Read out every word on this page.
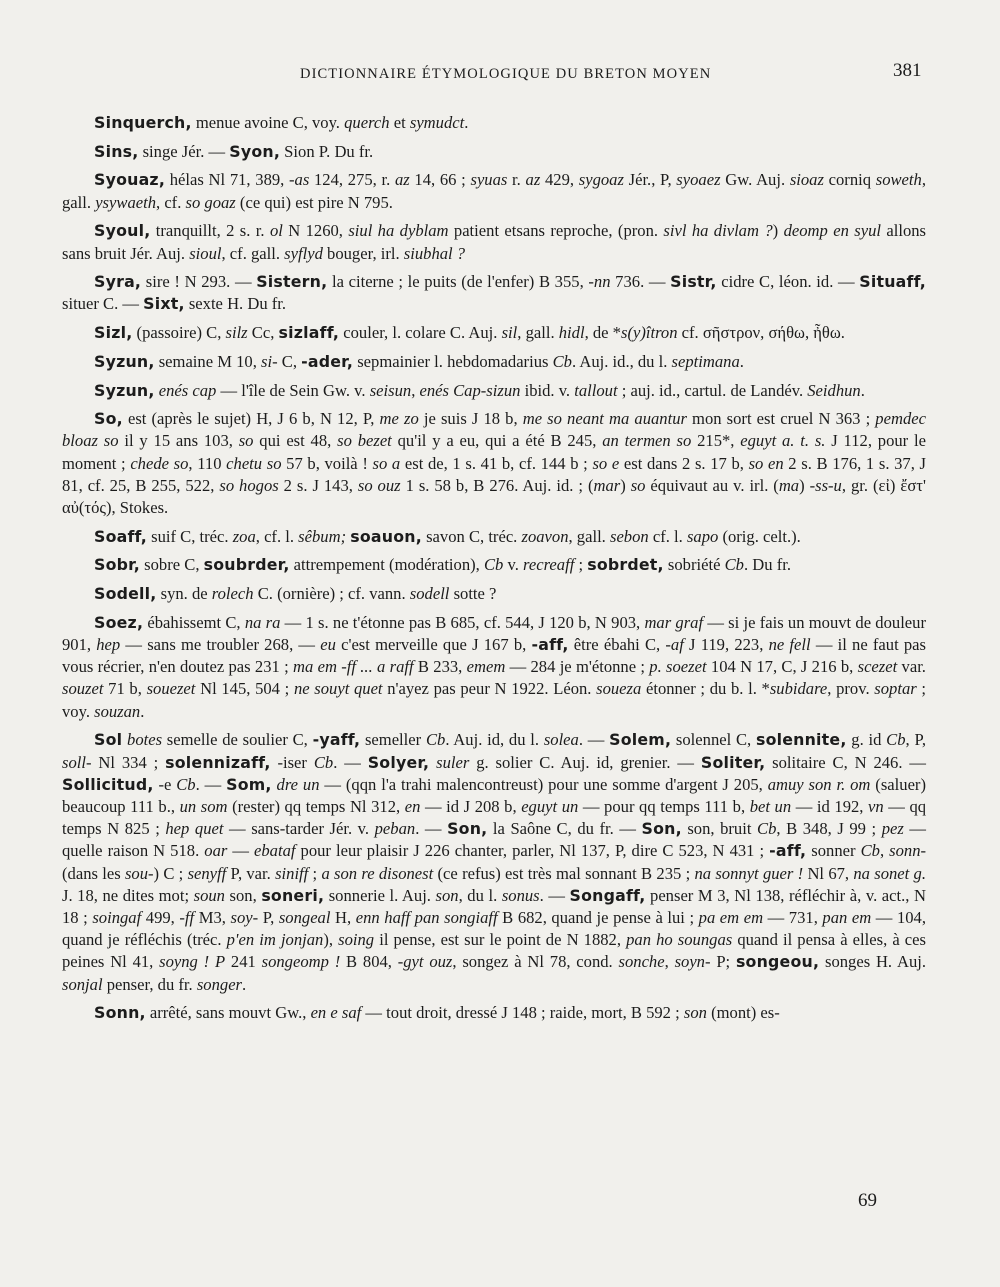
DICTIONNAIRE ÉTYMOLOGIQUE DU BRETON MOYEN	381

Sinquerch, menue avoine C, voy. querch et symudct.

Sins, singe Jér. — Syon, Sion P. Du fr.

Syouaz, hélas Nl 71, 389, -as 124, 275, r. az 14, 66 ; syuas r. az 429, sygoaz Jér., P, syoaez Gw. Auj. sioaz corniq soweth, gall. ysywaeth, cf. so goaz (ce qui) est pire N 795.

Syoul, tranquillt, 2 s. r. ol N 1260, siul ha dyblam patient etsans reproche, (pron. sivl ha divlam ?) deomp en syul allons sans bruit Jér. Auj. sioul, cf. gall. syflyd bouger, irl. siubhal ?

Syra, sire ! N 293. — Sistern, la citerne ; le puits (de l'enfer) B 355, -nn 736. — Sistr, cidre C, léon. id. — Situaff, situer C. — Sixt, sexte H. Du fr.

Sizl, (passoire) C, silz Cc, sizlaff, couler, l. colare C. Auj. sil, gall. hidl, de *s(y)îtron cf. σῆστρον, σήθω, ἦθω.

Syzun, semaine M 10, si- C, -ader, sepmainier l. hebdomadarius Cb. Auj. id., du l. septimana.

Syzun, enés cap — l'île de Sein Gw. v. seisun, enés Cap-sizun ibid. v. tallout ; auj. id., cartul. de Landév. Seidhun.

So, est (après le sujet) H, J 6 b, N 12, P, me zo je suis J 18 b, me so neant ma auantur mon sort est cruel N 363 ; pemdec bloaz so il y 15 ans 103, so qui est 48, so bezet qu'il y a eu, qui a été B 245, an termen so 215*, eguyt a. t. s. J 112, pour le moment ; chede so, 110 chetu so 57 b, voilà ! so a est de, 1 s. 41 b, cf. 144 b ; so e est dans 2 s. 17 b, so en 2 s. B 176, 1 s. 37, J 81, cf. 25, B 255, 522, so hogos 2 s. J 143, so ouz 1 s. 58 b, B 276. Auj. id. ; (mar) so équivaut au v. irl. (ma) -ss-u, gr. (εἰ) ἔστ' αὐ(τός), Stokes.

Soaff, suif C, tréc. zoa, cf. l. sêbum; soauon, savon C, tréc. zoavon, gall. sebon cf. l. sapo (orig. celt.).

Sobr, sobre C, soubrder, attrempement (modération), Cb v. recreaff ; sobrdet, sobriété Cb. Du fr.

Sodell, syn. de rolech C. (ornière) ; cf. vann. sodell sotte ?

Soez, ébahissemt C, na ra — 1 s. ne t'étonne pas B 685, cf. 544, J 120 b, N 903, mar graf — si je fais un mouvt de douleur 901, hep — sans me troubler 268, — eu c'est merveille que J 167 b, -aff, être ébahi C, -af J 119, 223, ne fell — il ne faut pas vous récrier, n'en doutez pas 231 ; ma em -ff ... a raff B 233, emem — 284 je m'étonne ; p. soezet 104 N 17, C, J 216 b, scezet var. souzet 71 b, souezet Nl 145, 504 ; ne souyt quet n'ayez pas peur N 1922. Léon. soueza étonner ; du b. l. *subidare, prov. soptar ; voy. souzan.

Sol botes semelle de soulier C, -yaff, semeller Cb. Auj. id, du l. solea. — Solem, solennel C, solennite, g. id Cb, P, soll- Nl 334 ; solennizaff, -iser Cb. — Solyer, suler g. solier C. Auj. id, grenier. — Soliter, solitaire C, N 246. — Sollicitud, -e Cb. — Som, dre un — (qqn l'a trahi malencontreust) pour une somme d'argent J 205, amuy son r. om (saluer) beaucoup 111 b., un som (rester) qq temps Nl 312, en — id J 208 b, eguyt un — pour qq temps 111 b, bet un — id 192, vn — qq temps N 825 ; hep quet — sans-tarder Jér. v. peban. — Son, la Saône C, du fr. — Son, son, bruit Cb, B 348, J 99 ; pez — quelle raison N 518. oar — ebataf pour leur plaisir J 226 chanter, parler, Nl 137, P, dire C 523, N 431 ; -aff, sonner Cb, sonn- (dans les sou-) C ; senyff P, var. siniff ; a son re disonest (ce refus) est très mal sonnant B 235 ; na sonnyt guer ! Nl 67, na sonet g. J. 18, ne dites mot; soun son, soneri, sonnerie l. Auj. son, du l. sonus. — Songaff, penser M 3, Nl 138, réfléchir à, v. act., N 18 ; soingaf 499, -ff M3, soy- P, songeal H, enn haff pan songiaff B 682, quand je pense à lui ; pa em em — 731, pan em — 104, quand je réfléchis (tréc. p'en im jonjan), soing il pense, est sur le point de N 1882, pan ho soungas quand il pensa à elles, à ces peines Nl 41, soyng ! P 241 songeomp ! B 804, -gyt ouz, songez à Nl 78, cond. sonche, soyn- P; songeou, songes H. Auj. sonjal penser, du fr. songer.

Sonn, arrêté, sans mouvt Gw., en e saf — tout droit, dressé J 148 ; raide, mort, B 592 ; son (mont) es-

69
